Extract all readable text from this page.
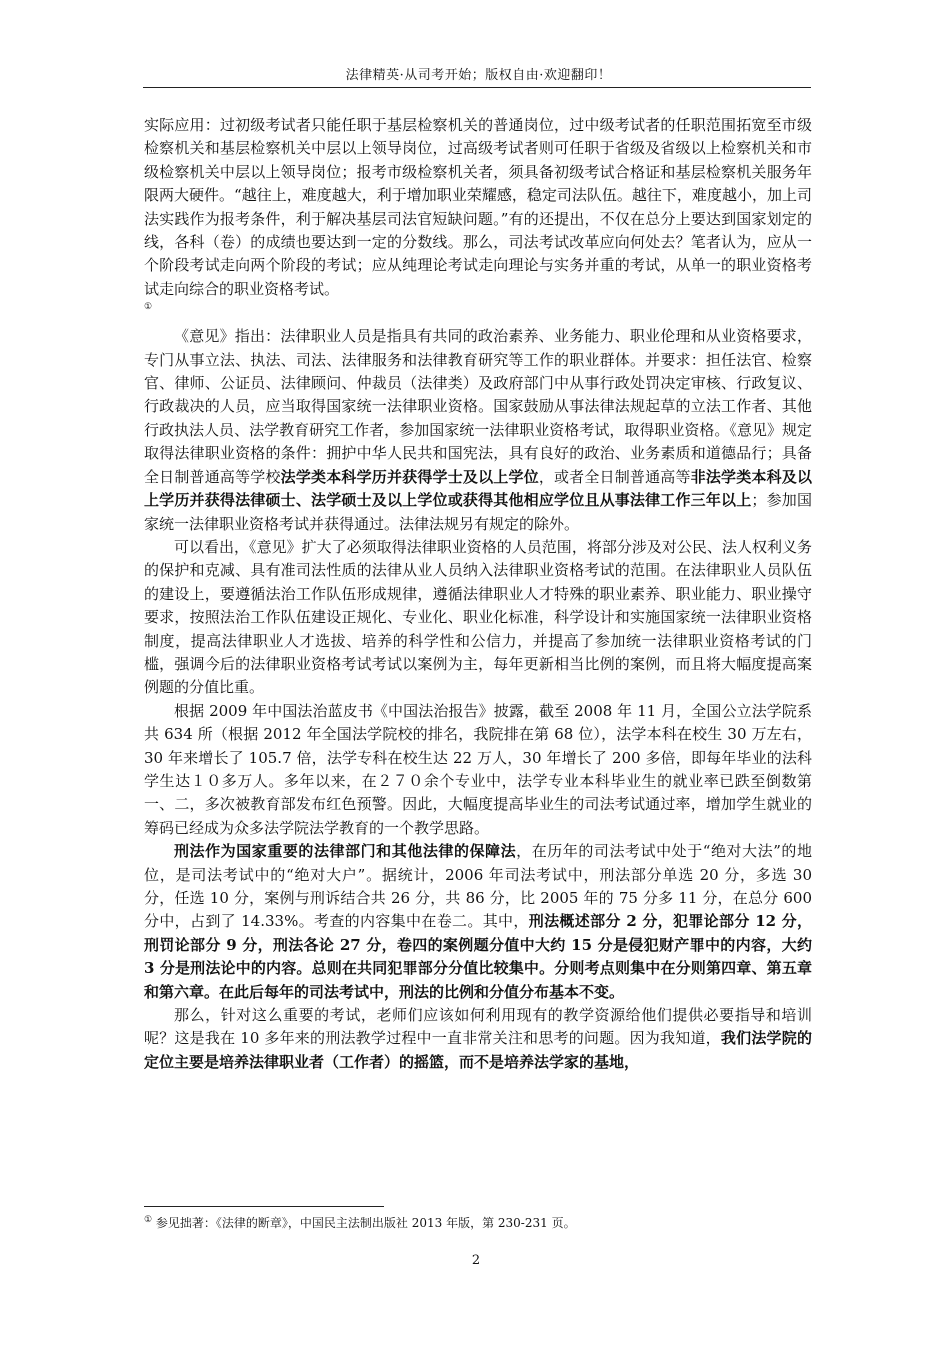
法律精英·从司考开始；版权自由·欢迎翻印！

实际应用：过初级考试者只能任职于基层检察机关的普通岗位，过中级考试者的任职范围拓宽至市级检察机关和基层检察机关中层以上领导岗位，过高级考试者则可任职于省级及省级以上检察机关和市级检察机关中层以上领导岗位；报考市级检察机关者，须具备初级考试合格证和基层检察机关服务年限两大硬件。“越往上，难度越大，利于增加职业荣耀感，稳定司法队伍。越往下，难度越小，加上司法实践作为报考条件，利于解决基层司法官短缺问题。”有的还提出，不仅在总分上要达到国家划定的线，各科（卷）的成绩也要达到一定的分数线。那么，司法考试改革应向何处去？笔者认为，应从一个阶段考试走向两个阶段的考试；应从纯理论考试走向理论与实务并重的考试，从单一的职业资格考试走向综合的职业资格考试。
①

《意见》指出：法律职业人员是指具有共同的政治素养、业务能力、职业伦理和从业资格要求，专门从事立法、执法、司法、法律服务和法律教育研究等工作的职业群体。并要求：担任法官、检察官、律师、公证员、法律顾问、仲裁员（法律类）及政府部门中从事行政处罚决定审核、行政复议、行政裁决的人员，应当取得国家统一法律职业资格。国家鼓励从事法律法规起草的立法工作者、其他行政执法人员、法学教育研究工作者，参加国家统一法律职业资格考试，取得职业资格。《意见》规定取得法律职业资格的条件：拥护中华人民共和国宪法，具有良好的政治、业务素质和道德品行；具备全日制普通高等学校法学类本科学历并获得学士及以上学位，或者全日制普通高等非法学类本科及以上学历并获得法律硕士、法学硕士及以上学位或获得其他相应学位且从事法律工作三年以上；参加国家统一法律职业资格考试并获得通过。法律法规另有规定的除外。

可以看出，《意见》扩大了必须取得法律职业资格的人员范围，将部分涉及对公民、法人权利义务的保护和克减、具有准司法性质的法律从业人员纳入法律职业资格考试的范围。在法律职业人员队伍的建设上，要遵循法治工作队伍形成规律，遵循法律职业人才特殊的职业素养、职业能力、职业操守要求，按照法治工作队伍建设正规化、专业化、职业化标准，科学设计和实施国家统一法律职业资格制度，提高法律职业人才选拔、培养的科学性和公信力，并提高了参加统一法律职业资格考试的门槛，强调今后的法律职业资格考试考试以案例为主，每年更新相当比例的案例，而且将大幅度提高案例题的分值比重。

根据 2009 年中国法治蓝皮书《中国法治报告》披露，截至 2008 年 11 月，全国公立法学院系共 634 所（根据 2012 年全国法学院校的排名，我院排在第 68 位），法学本科在校生 30 万左右，30 年来增长了 105.7 倍，法学专科在校生达 22 万人，30 年增长了 200 多倍，即每年毕业的法科学生达１０多万人。多年以来，在２７０余个专业中，法学专业本科毕业生的就业率已跌至倒数第一、二，多次被教育部发布红色预警。因此，大幅度提高毕业生的司法考试通过率，增加学生就业的筹码已经成为众多法学院法学教育的一个教学思路。

刑法作为国家重要的法律部门和其他法律的保障法，在历年的司法考试中处于“绝对大法”的地位，是司法考试中的“绝对大户”。据统计，2006 年司法考试中，刑法部分单选 20 分，多选 30 分，任选 10 分，案例与刑诉结合共 26 分，共 86 分，比 2005 年的 75 分多 11 分，在总分 600 分中，占到了 14.33%。考查的内容集中在卷二。其中，刑法概述部分 2 分，犯罪论部分 12 分，刑罚论部分 9 分，刑法各论 27 分，卷四的案例题分值中大约 15 分是侵犯财产罪中的内容，大约 3 分是刑法论中的内容。总则在共同犯罪部分分值比较集中。分则考点则集中在分则第四章、第五章和第六章。在此后每年的司法考试中，刑法的比例和分值分布基本不变。

那么，针对这么重要的考试，老师们应该如何利用现有的教学资源给他们提供必要指导和培训呢？这是我在 10 多年来的刑法教学过程中一直非常关注和思考的问题。因为我知道，我们法学院的定位主要是培养法律职业者（工作者）的摇篮，而不是培养法学家的基地，

① 参见拙著：《法律的断章》，中国民主法制出版社 2013 年版，第 230-231 页。
2
